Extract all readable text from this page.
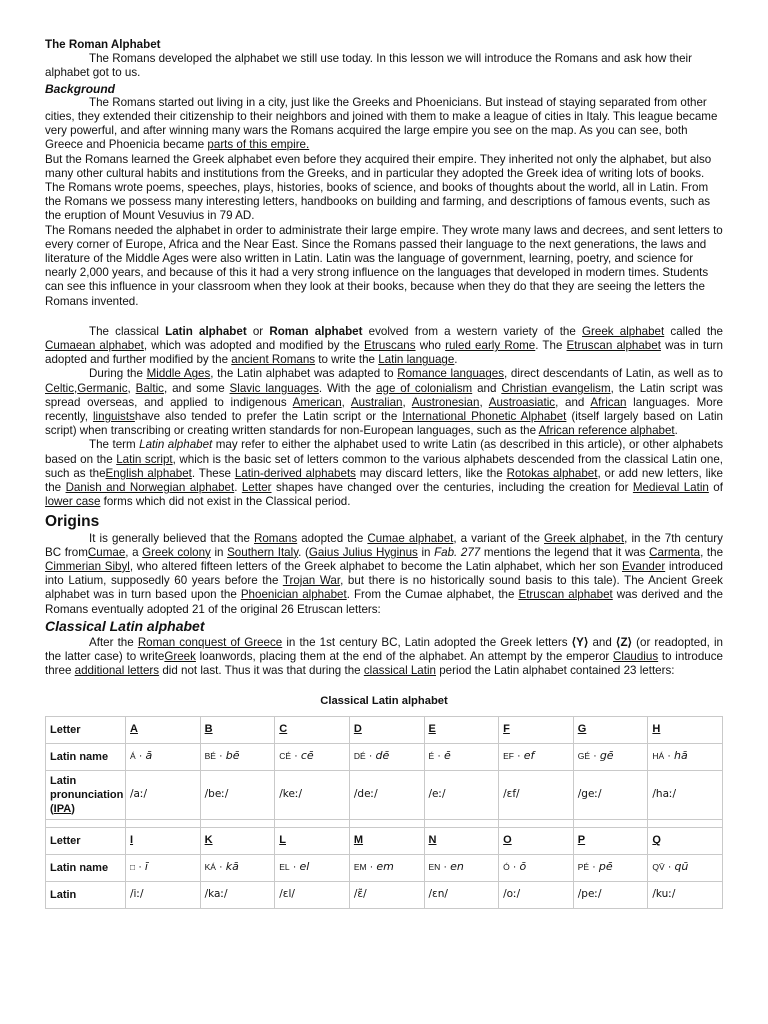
The Roman Alphabet

The Romans developed the alphabet we still use today. In this lesson we will introduce the Romans and ask how their alphabet got to us.

Background

The Romans started out living in a city, just like the Greeks and Phoenicians. But instead of staying separated from other cities, they extended their citizenship to their neighbors and joined with them to make a league of cities in Italy. This league became very powerful, and after winning many wars the Romans acquired the large empire you see on the map. As you can see, both Greece and Phoenicia became parts of this empire.

But the Romans learned the Greek alphabet even before they acquired their empire. They inherited not only the alphabet, but also many other cultural habits and institutions from the Greeks, and in particular they adopted the Greek idea of writing lots of books. The Romans wrote poems, speeches, plays, histories, books of science, and books of thoughts about the world, all in Latin. From the Romans we possess many interesting letters, handbooks on building and farming, and descriptions of famous events, such as the eruption of Mount Vesuvius in 79 AD.

The Romans needed the alphabet in order to administrate their large empire. They wrote many laws and decrees, and sent letters to every corner of Europe, Africa and the Near East. Since the Romans passed their language to the next generations, the laws and literature of the Middle Ages were also written in Latin. Latin was the language of government, learning, poetry, and science for nearly 2,000 years, and because of this it had a very strong influence on the languages that developed in modern times. Students can see this influence in your classroom when they look at their books, because when they do that they are seeing the letters the Romans invented.

The classical Latin alphabet or Roman alphabet evolved from a western variety of the Greek alphabet called the Cumaean alphabet, which was adopted and modified by the Etruscans who ruled early Rome. The Etruscan alphabet was in turn adopted and further modified by the ancient Romans to write the Latin language.

During the Middle Ages, the Latin alphabet was adapted to Romance languages, direct descendants of Latin, as well as to Celtic,Germanic, Baltic, and some Slavic languages. With the age of colonialism and Christian evangelism, the Latin script was spread overseas, and applied to indigenous American, Australian, Austronesian, Austroasiatic, and African languages. More recently, linguistshave also tended to prefer the Latin script or the International Phonetic Alphabet (itself largely based on Latin script) when transcribing or creating written standards for non-European languages, such as the African reference alphabet.

The term Latin alphabet may refer to either the alphabet used to write Latin (as described in this article), or other alphabets based on the Latin script, which is the basic set of letters common to the various alphabets descended from the classical Latin one, such as theEnglish alphabet. These Latin-derived alphabets may discard letters, like the Rotokas alphabet, or add new letters, like the Danish and Norwegian alphabet. Letter shapes have changed over the centuries, including the creation for Medieval Latin of lower case forms which did not exist in the Classical period.

Origins

It is generally believed that the Romans adopted the Cumae alphabet, a variant of the Greek alphabet, in the 7th century BC fromCumae, a Greek colony in Southern Italy. (Gaius Julius Hyginus in Fab. 277 mentions the legend that it was Carmenta, the Cimmerian Sibyl, who altered fifteen letters of the Greek alphabet to become the Latin alphabet, which her son Evander introduced into Latium, supposedly 60 years before the Trojan War, but there is no historically sound basis to this tale). The Ancient Greek alphabet was in turn based upon the Phoenician alphabet. From the Cumae alphabet, the Etruscan alphabet was derived and the Romans eventually adopted 21 of the original 26 Etruscan letters:

Classical Latin alphabet

After the Roman conquest of Greece in the 1st century BC, Latin adopted the Greek letters ⟨Y⟩ and ⟨Z⟩ (or readopted, in the latter case) to writeGreek loanwords, placing them at the end of the alphabet. An attempt by the emperor Claudius to introduce three additional letters did not last. Thus it was that during the classical Latin period the Latin alphabet contained 23 letters:

Classical Latin alphabet
Letter	A	B	C	D	E	F	G	H
Latin name	Á · ā	BÉ · bē	CÉ · cē	DÉ · dē	É · ē	EF · ef	GÉ · gē	HÁ · hā
Latin pronunciation (IPA)	/aː/	/beː/	/keː/	/deː/	/eː/	/ɛf/	/geː/	/haː/

Letter	I	K	L	M	N	O	P	Q
Latin name	□ · ī	KÁ · kā	EL · el	EM · em	EN · en	Ó · ō	PÉ · pē	QV̄ · qū
Latin	/iː/	/kaː/	/ɛl/	/ɛ̃/	/ɛn/	/oː/	/peː/	/kuː/
